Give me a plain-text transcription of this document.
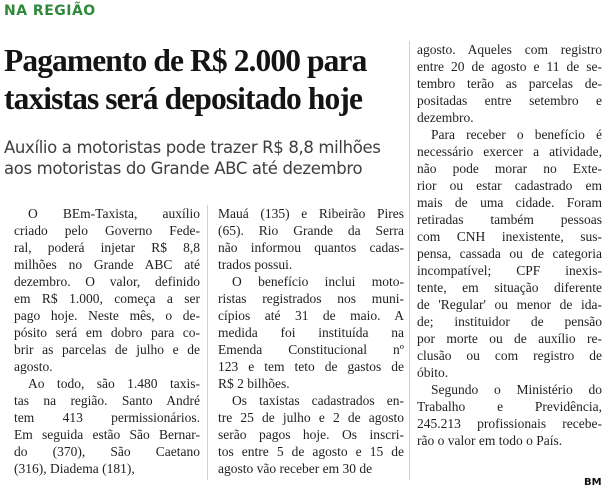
NA REGIÃO
Pagamento de R$ 2.000 para
taxistas será depositado hoje
Auxílio a motoristas pode trazer R$ 8,8 milhões
aos motoristas do Grande ABC até dezembro
O BEm-Taxista, auxílio
criado pelo Governo Fede-
ral, poderá injetar R$ 8,8
milhões no Grande ABC até
dezembro. O valor, definido
em R$ 1.000, começa a ser
pago hoje. Neste mês, o de-
pósito será em dobro para co-
brir as parcelas de julho e de
agosto.
Ao todo, são 1.480 taxis-
tas na região. Santo André
tem 413 permissionários.
Em seguida estão São Bernar-
do (370), São Caetano
(316), Diadema (181),
Mauá (135) e Ribeirão Pires
(65). Rio Grande da Serra
não informou quantos cadas-
trados possui.
O benefício inclui moto-
ristas registrados nos muni-
cípios até 31 de maio. A
medida foi instituída na
Emenda Constitucional nº
123 e tem teto de gastos de
R$ 2 bilhões.
Os taxistas cadastrados en-
tre 25 de julho e 2 de agosto
serão pagos hoje. Os inscri-
tos entre 5 de agosto e 15 de
agosto vão receber em 30 de
agosto. Aqueles com registro
entre 20 de agosto e 11 de se-
tembro terão as parcelas de-
positadas entre setembro e
dezembro.
Para receber o benefício é
necessário exercer a atividade,
não pode morar no Exte-
rior ou estar cadastrado em
mais de uma cidade. Foram
retiradas também pessoas
com CNH inexistente, sus-
pensa, cassada ou de categoria
incompatível; CPF inexis-
tente, em situação diferente
de 'Regular' ou menor de ida-
de; instituidor de pensão
por morte ou de auxílio re-
clusão ou com registro de
óbito.
Segundo o Ministério do
Trabalho e Previdência,
245.213 profissionais recebe-
rão o valor em todo o País.
BM
